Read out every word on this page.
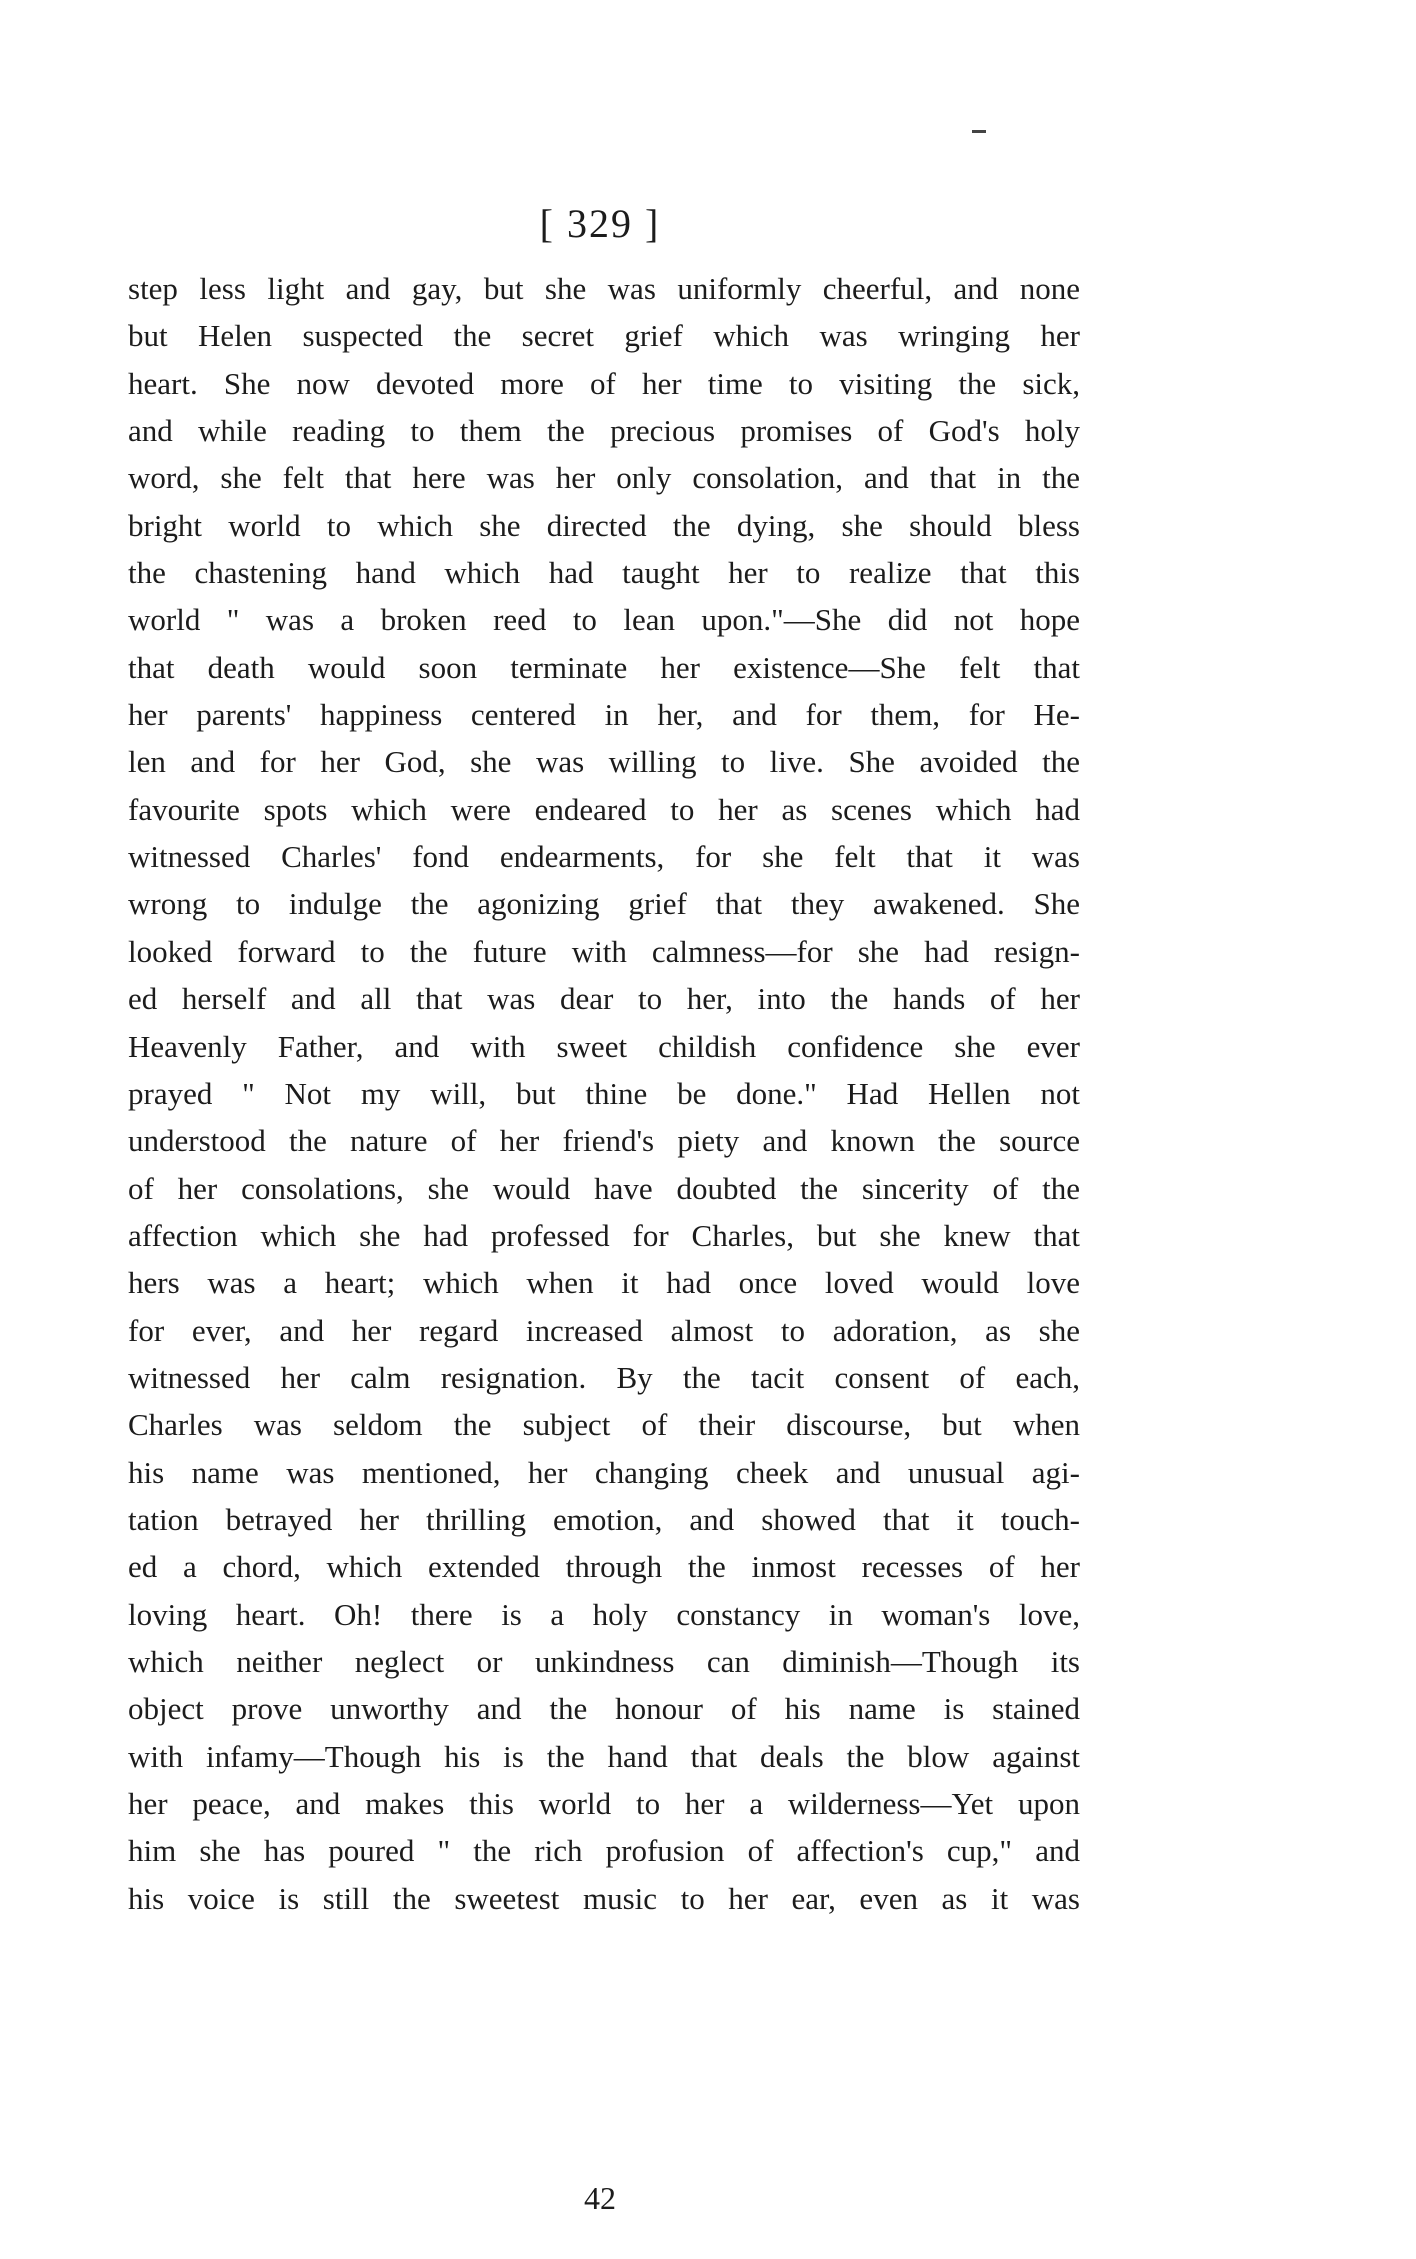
[ 329 ]
step less light and gay, but she was uniformly cheerful, and none
but Helen suspected the secret grief which was wringing her
heart. She now devoted more of her time to visiting the sick,
and while reading to them the precious promises of God's holy
word, she felt that here was her only consolation, and that in the
bright world to which she directed the dying, she should bless
the chastening hand which had taught her to realize that this
world " was a broken reed to lean upon."—She did not hope
that death would soon terminate her existence—She felt that
her parents' happiness centered in her, and for them, for He-
len and for her God, she was willing to live. She avoided the
favourite spots which were endeared to her as scenes which had
witnessed Charles' fond endearments, for she felt that it was
wrong to indulge the agonizing grief that they awakened. She
looked forward to the future with calmness—for she had resign-
ed herself and all that was dear to her, into the hands of her
Heavenly Father, and with sweet childish confidence she ever
prayed " Not my will, but thine be done." Had Hellen not
understood the nature of her friend's piety and known the source
of her consolations, she would have doubted the sincerity of the
affection which she had professed for Charles, but she knew that
hers was a heart; which when it had once loved would love
for ever, and her regard increased almost to adoration, as she
witnessed her calm resignation. By the tacit consent of each,
Charles was seldom the subject of their discourse, but when
his name was mentioned, her changing cheek and unusual agi-
tation betrayed her thrilling emotion, and showed that it touch-
ed a chord, which extended through the inmost recesses of her
loving heart. Oh! there is a holy constancy in woman's love,
which neither neglect or unkindness can diminish—Though its
object prove unworthy and the honour of his name is stained
with infamy—Though his is the hand that deals the blow against
her peace, and makes this world to her a wilderness—Yet upon
him she has poured " the rich profusion of affection's cup," and
his voice is still the sweetest music to her ear, even as it was
42
